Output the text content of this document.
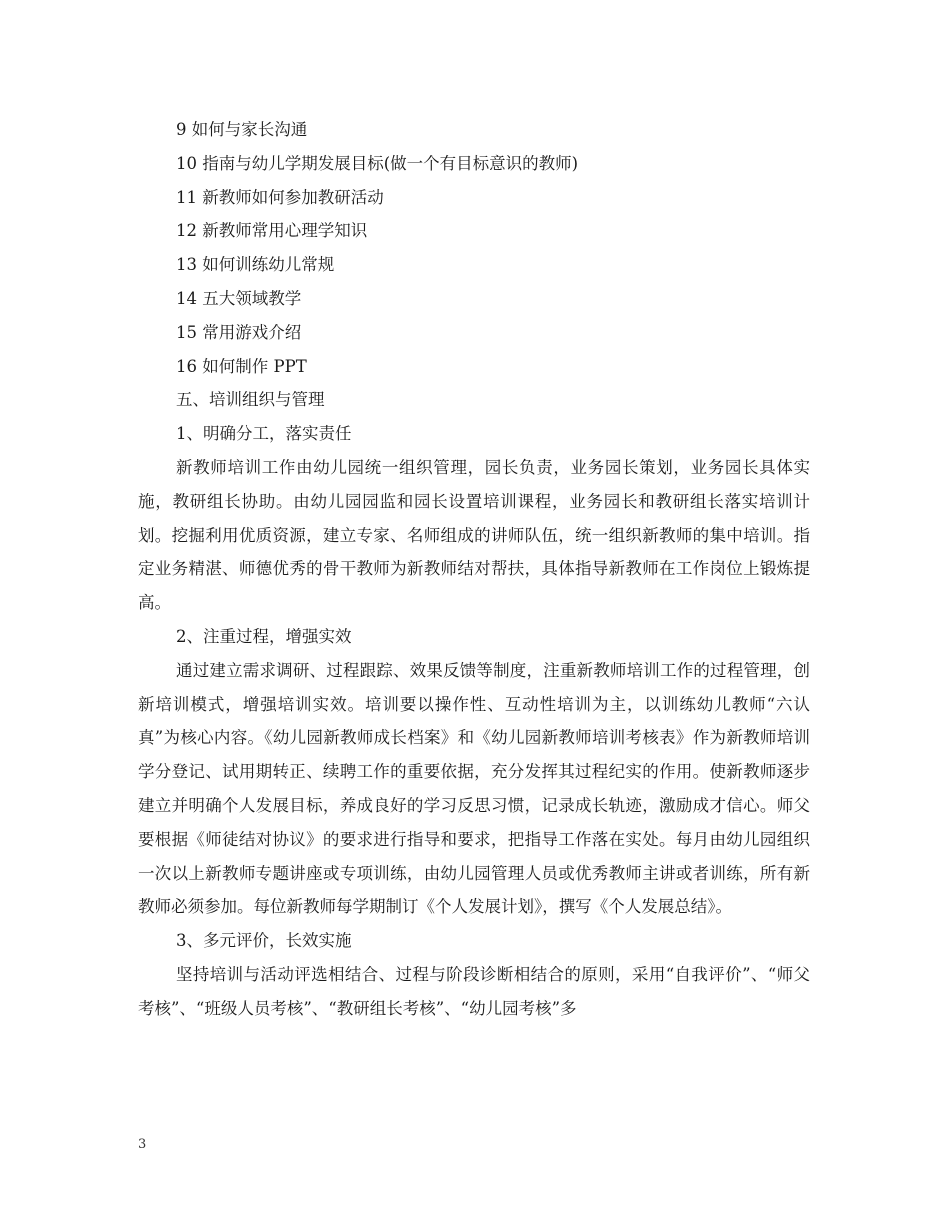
9 如何与家长沟通
10 指南与幼儿学期发展目标(做一个有目标意识的教师)
11 新教师如何参加教研活动
12 新教师常用心理学知识
13 如何训练幼儿常规
14 五大领域教学
15 常用游戏介绍
16 如何制作 PPT
五、培训组织与管理
1、明确分工，落实责任

新教师培训工作由幼儿园统一组织管理，园长负责，业务园长策划，业务园长具体实施，教研组长协助。由幼儿园园监和园长设置培训课程，业务园长和教研组长落实培训计划。挖掘利用优质资源，建立专家、名师组成的讲师队伍，统一组织新教师的集中培训。指定业务精湛、师德优秀的骨干教师为新教师结对帮扶，具体指导新教师在工作岗位上锻炼提高。

2、注重过程，增强实效

通过建立需求调研、过程跟踪、效果反馈等制度，注重新教师培训工作的过程管理，创新培训模式，增强培训实效。培训要以操作性、互动性培训为主，以训练幼儿教师“六认真”为核心内容。《幼儿园新教师成长档案》和《幼儿园新教师培训考核表》作为新教师培训学分登记、试用期转正、续聘工作的重要依据，充分发挥其过程纪实的作用。使新教师逐步建立并明确个人发展目标，养成良好的学习反思习惯，记录成长轨迹，激励成才信心。师父要根据《师徒结对协议》的要求进行指导和要求，把指导工作落在实处。每月由幼儿园组织一次以上新教师专题讲座或专项训练，由幼儿园管理人员或优秀教师主讲或者训练，所有新教师必须参加。每位新教师每学期制订《个人发展计划》，撰写《个人发展总结》。

3、多元评价，长效实施

坚持培训与活动评选相结合、过程与阶段诊断相结合的原则，采用“自我评价”、“师父考核”、“班级人员考核”、“教研组长考核”、“幼儿园考核”多

3
